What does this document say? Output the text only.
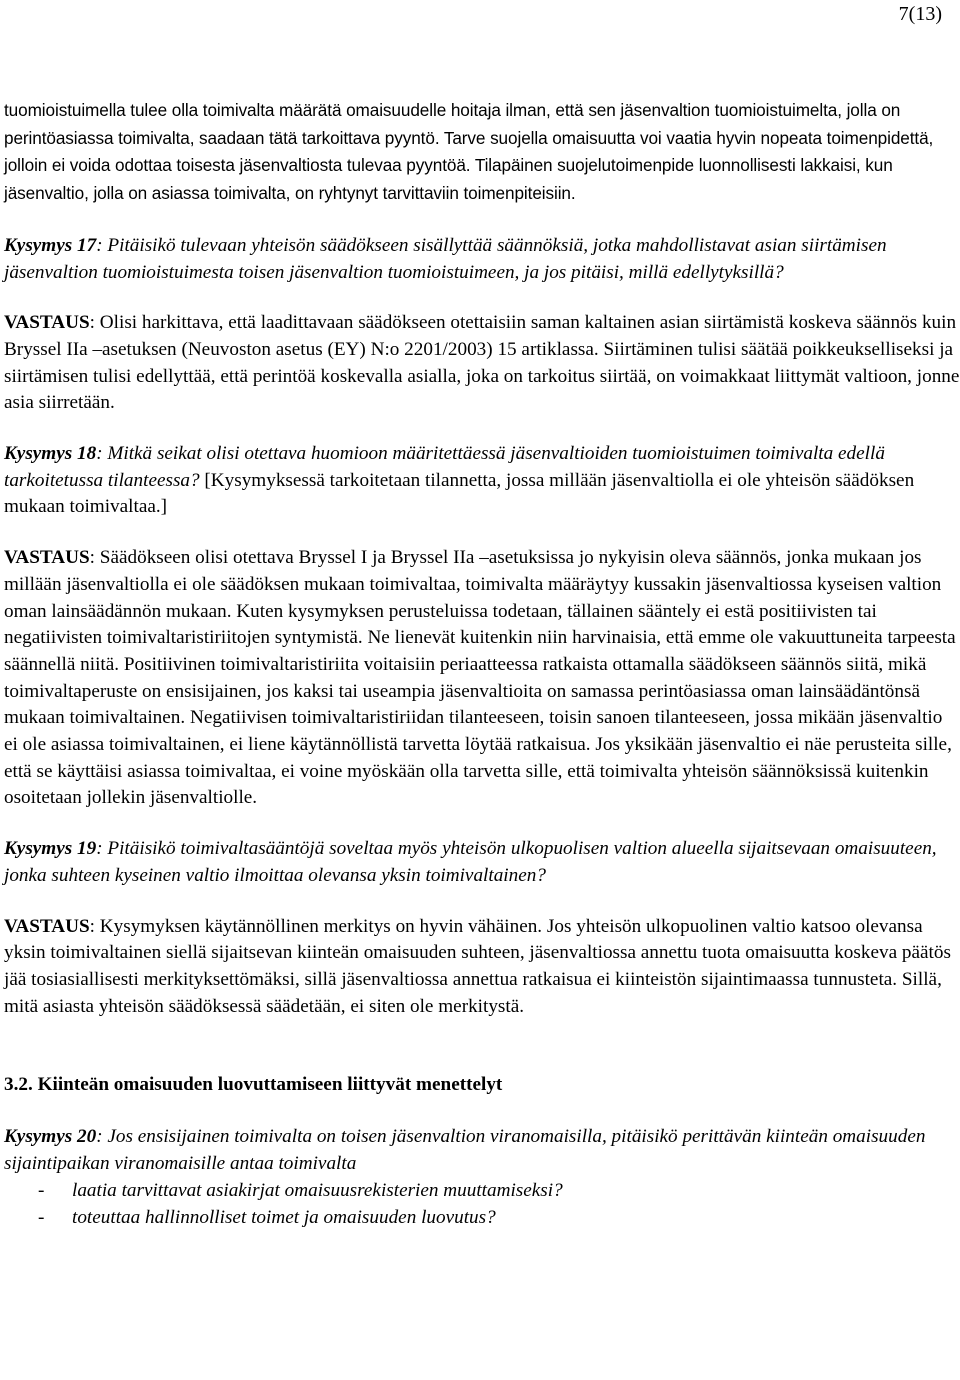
7(13)

tuomioistuimella tulee olla toimivalta määrätä omaisuudelle hoitaja ilman, että sen jäsenvaltion tuomioistuimelta, jolla on perintöasiassa toimivalta, saadaan tätä tarkoittava pyyntö. Tarve suojella omaisuutta voi vaatia hyvin nopeata toimenpidettä, jolloin ei voida odottaa toisesta jäsenvaltiosta tulevaa pyyntöä. Tilapäinen suojelutoimenpide luonnollisesti lakkaisi, kun jäsenvaltio, jolla on asiassa toimivalta, on ryhtynyt tarvittaviin toimenpiteisiin.

Kysymys 17: Pitäisikö tulevaan yhteisön säädökseen sisällyttää säännöksiä, jotka mahdollistavat asian siirtämisen jäsenvaltion tuomioistuimesta toisen jäsenvaltion tuomioistuimeen, ja jos pitäisi, millä edellytyksillä?

VASTAUS: Olisi harkittava, että laadittavaan säädökseen otettaisiin saman kaltainen asian siirtämistä koskeva säännös kuin Bryssel IIa –asetuksen (Neuvoston asetus (EY) N:o 2201/2003) 15 artiklassa. Siirtäminen tulisi säätää poikkeukselliseksi ja siirtämisen tulisi edellyttää, että perintöä koskevalla asialla, joka on tarkoitus siirtää, on voimakkaat liittymät valtioon, jonne asia siirretään.

Kysymys 18: Mitkä seikat olisi otettava huomioon määritettäessä jäsenvaltioiden tuomioistuimen toimivalta edellä tarkoitetussa tilanteessa? [Kysymyksessä tarkoitetaan tilannetta, jossa millään jäsenvaltiolla ei ole yhteisön säädöksen mukaan toimivaltaa.]

VASTAUS: Säädökseen olisi otettava Bryssel I ja Bryssel IIa –asetuksissa jo nykyisin oleva säännös, jonka mukaan jos millään jäsenvaltiolla ei ole säädöksen mukaan toimivaltaa, toimivalta määräytyy kussakin jäsenvaltiossa kyseisen valtion oman lainsäädännön mukaan. Kuten kysymyksen perusteluissa todetaan, tällainen sääntely ei estä positiivisten tai negatiivisten toimivaltaristiriitojen syntymistä. Ne lienevät kuitenkin niin harvinaisia, että emme ole vakuuttuneita tarpeesta säännellä niitä. Positiivinen toimivaltaristiriita voitaisiin periaatteessa ratkaista ottamalla säädökseen säännös siitä, mikä toimivaltaperuste on ensisijainen, jos kaksi tai useampia jäsenvaltioita on samassa perintöasiassa oman lainsäädäntönsä mukaan toimivaltainen. Negatiivisen toimivaltaristiriidan tilanteeseen, toisin sanoen tilanteeseen, jossa mikään jäsenvaltio ei ole asiassa toimivaltainen, ei liene käytännöllistä tarvetta löytää ratkaisua. Jos yksikään jäsenvaltio ei näe perusteita sille, että se käyttäisi asiassa toimivaltaa, ei voine myöskään olla tarvetta sille, että toimivalta yhteisön säännöksissä kuitenkin osoitetaan jollekin jäsenvaltiolle.

Kysymys 19: Pitäisikö toimivaltasääntöjä soveltaa myös yhteisön ulkopuolisen valtion alueella sijaitsevaan omaisuuteen, jonka suhteen kyseinen valtio ilmoittaa olevansa yksin toimivaltainen?

VASTAUS: Kysymyksen käytännöllinen merkitys on hyvin vähäinen. Jos yhteisön ulkopuolinen valtio katsoo olevansa yksin toimivaltainen siellä sijaitsevan kiinteän omaisuuden suhteen, jäsenvaltiossa annettu tuota omaisuutta koskeva päätös jää tosiasiallisesti merkityksettömäksi, sillä jäsenvaltiossa annettua ratkaisua ei kiinteistön sijaintimaassa tunnusteta. Sillä, mitä asiasta yhteisön säädöksessä säädetään, ei siten ole merkitystä.

3.2. Kiinteän omaisuuden luovuttamiseen liittyvät menettelyt

Kysymys 20: Jos ensisijainen toimivalta on toisen jäsenvaltion viranomaisilla, pitäisikö perittävän kiinteän omaisuuden sijaintipaikan viranomaisille antaa toimivalta

- laatia tarvittavat asiakirjat omaisuusrekisterien muuttamiseksi?
- toteuttaa hallinnolliset toimet ja omaisuuden luovutus?
